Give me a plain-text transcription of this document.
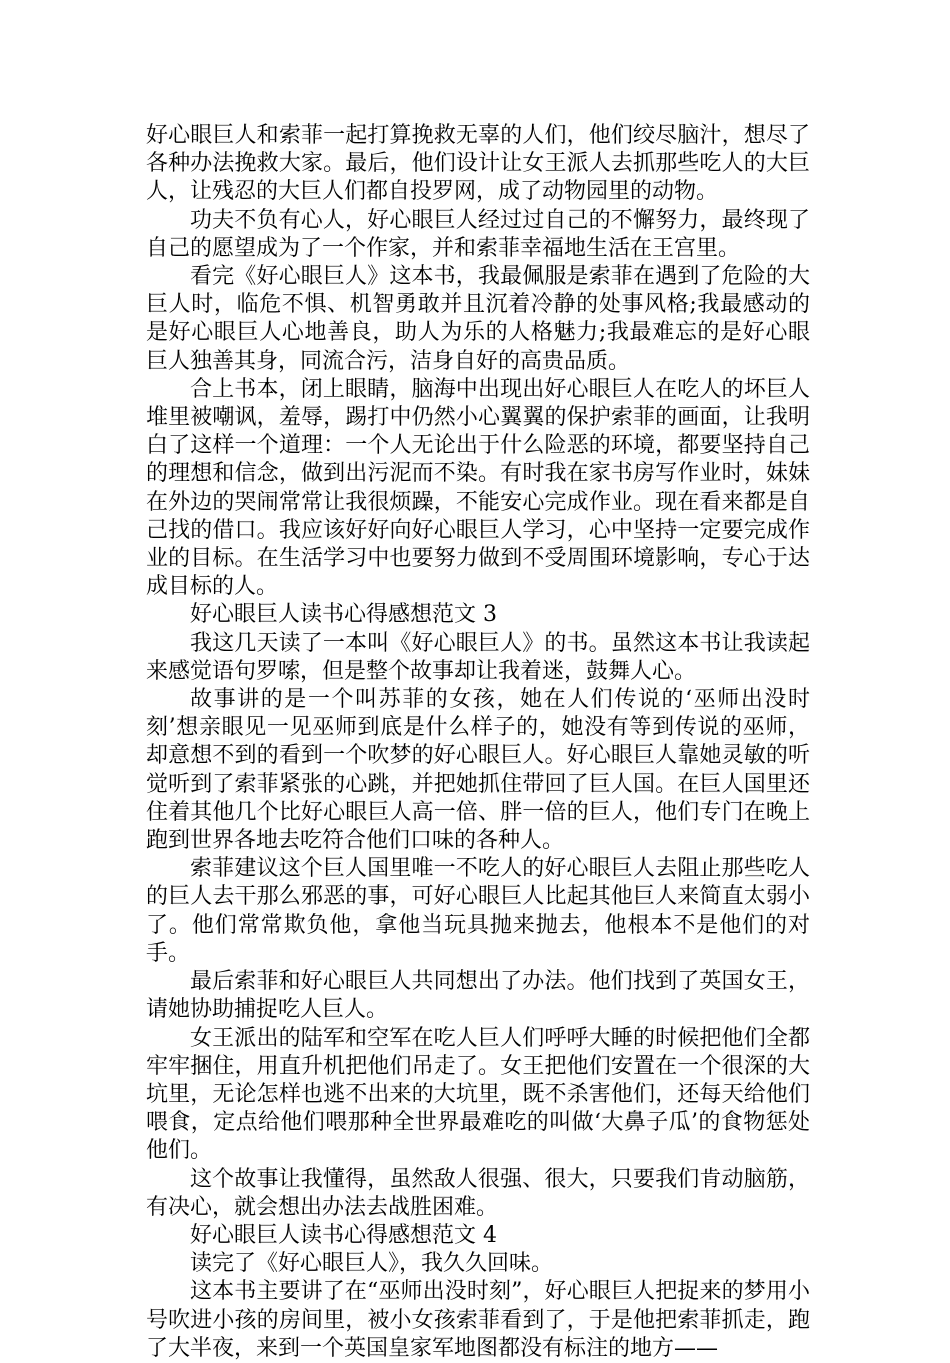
好心眼巨人和索菲一起打算挽救无辜的人们，他们绞尽脑汁，想尽了各种办法挽救大家。最后，他们设计让女王派人去抓那些吃人的大巨人，让残忍的大巨人们都自投罗网，成了动物园里的动物。

功夫不负有心人，好心眼巨人经过过自己的不懈努力，最终现了自己的愿望成为了一个作家，并和索菲幸福地生活在王宫里。

看完《好心眼巨人》这本书，我最佩服是索菲在遇到了危险的大巨人时，临危不惧、机智勇敢并且沉着冷静的处事风格;我最感动的是好心眼巨人心地善良，助人为乐的人格魅力;我最难忘的是好心眼巨人独善其身，同流合污，洁身自好的高贵品质。

合上书本，闭上眼睛，脑海中出现出好心眼巨人在吃人的坏巨人堆里被嘲讽，羞辱，踢打中仍然小心翼翼的保护索菲的画面，让我明白了这样一个道理：一个人无论出于什么险恶的环境，都要坚持自己的理想和信念，做到出污泥而不染。有时我在家书房写作业时，妹妹在外边的哭闹常常让我很烦躁，不能安心完成作业。现在看来都是自己找的借口。我应该好好向好心眼巨人学习，心中坚持一定要完成作业的目标。在生活学习中也要努力做到不受周围环境影响，专心于达成目标的人。

好心眼巨人读书心得感想范文 3

我这几天读了一本叫《好心眼巨人》的书。虽然这本书让我读起来感觉语句罗嗦，但是整个故事却让我着迷，鼓舞人心。

故事讲的是一个叫苏菲的女孩，她在人们传说的‘巫师出没时刻’想亲眼见一见巫师到底是什么样子的，她没有等到传说的巫师，却意想不到的看到一个吹梦的好心眼巨人。好心眼巨人靠她灵敏的听觉听到了索菲紧张的心跳，并把她抓住带回了巨人国。在巨人国里还住着其他几个比好心眼巨人高一倍、胖一倍的巨人，他们专门在晚上跑到世界各地去吃符合他们口味的各种人。

索菲建议这个巨人国里唯一不吃人的好心眼巨人去阻止那些吃人的巨人去干那么邪恶的事，可好心眼巨人比起其他巨人来简直太弱小了。他们常常欺负他，拿他当玩具抛来抛去，他根本不是他们的对手。

最后索菲和好心眼巨人共同想出了办法。他们找到了英国女王，请她协助捕捉吃人巨人。

女王派出的陆军和空军在吃人巨人们呼呼大睡的时候把他们全都牢牢捆住，用直升机把他们吊走了。女王把他们安置在一个很深的大坑里，无论怎样也逃不出来的大坑里，既不杀害他们，还每天给他们喂食，定点给他们喂那种全世界最难吃的叫做‘大鼻子瓜’的食物惩处他们。

这个故事让我懂得，虽然敌人很强、很大，只要我们肯动脑筋，有决心，就会想出办法去战胜困难。

好心眼巨人读书心得感想范文 4

读完了《好心眼巨人》，我久久回味。

这本书主要讲了在“巫师出没时刻”，好心眼巨人把捉来的梦用小号吹进小孩的房间里，被小女孩索菲看到了，于是他把索菲抓走，跑了大半夜，来到一个英国皇家军地图都没有标注的地方——
